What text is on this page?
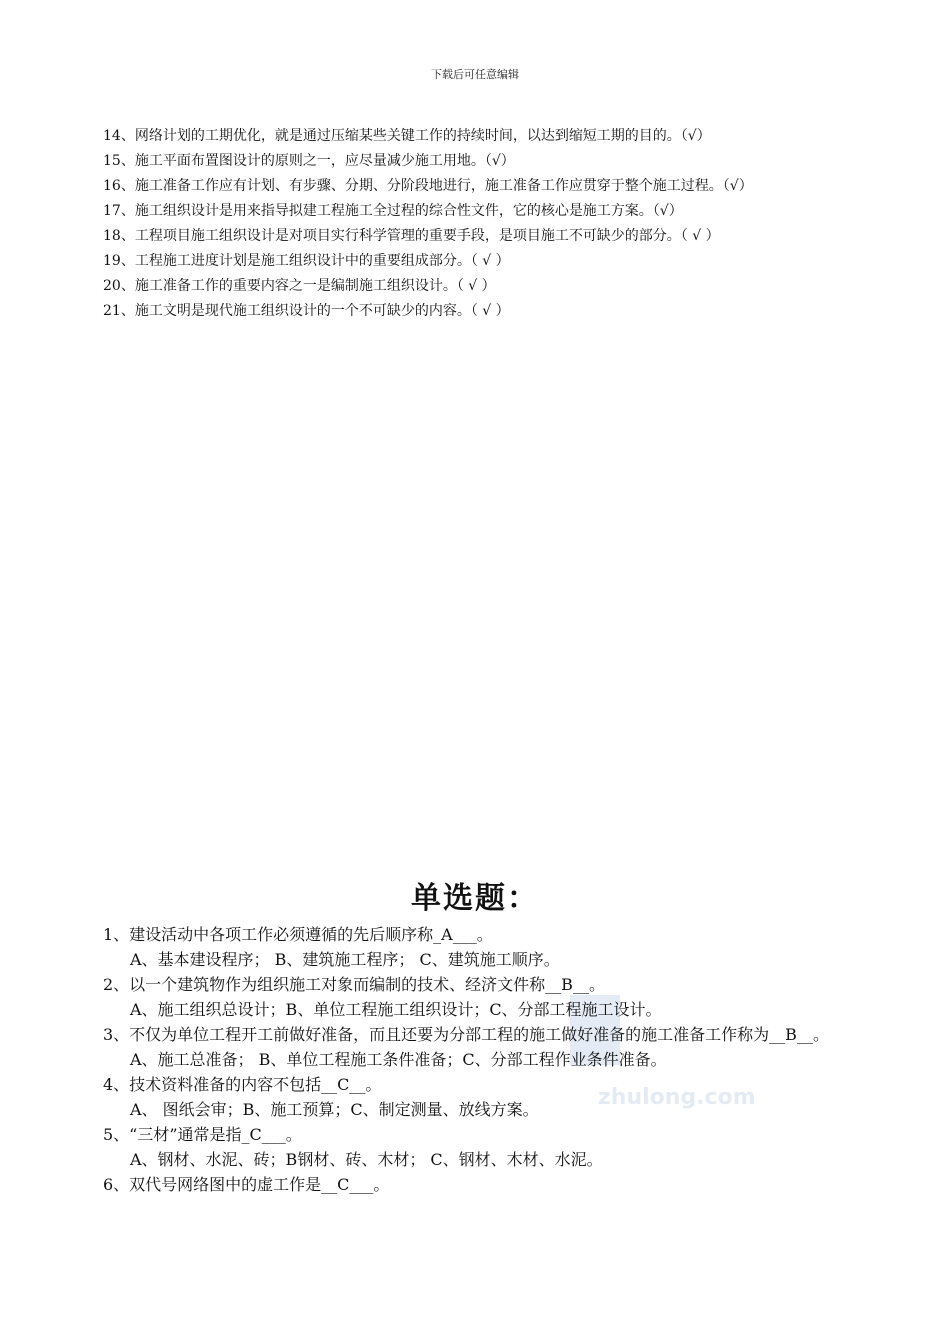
下载后可任意编辑

14、网络计划的工期优化，就是通过压缩某些关键工作的持续时间，以达到缩短工期的目的。（√）

15、施工平面布置图设计的原则之一，应尽量减少施工用地。（√）

16、施工准备工作应有计划、有步骤、分期、分阶段地进行，施工准备工作应贯穿于整个施工过程。（√）

17、施工组织设计是用来指导拟建工程施工全过程的综合性文件，它的核心是施工方案。（√）

18、工程项目施工组织设计是对项目实行科学管理的重要手段，是项目施工不可缺少的部分。（ √ ）

19、工程施工进度计划是施工组织设计中的重要组成部分。（ √ ）

20、施工准备工作的重要内容之一是编制施工组织设计。（ √ ）

21、施工文明是现代施工组织设计的一个不可缺少的内容。（ √ ）

zhulong.com
单选题：

1、建设活动中各项工作必须遵循的先后顺序称_A___。

A、基本建设程序； B、建筑施工程序； C、建筑施工顺序。

2、以一个建筑物作为组织施工对象而编制的技术、经济文件称__B__。

A、施工组织总设计；B、单位工程施工组织设计；C、分部工程施工设计。

3、不仅为单位工程开工前做好准备，而且还要为分部工程的施工做好准备的施工准备工作称为__B__。

A、施工总准备； B、单位工程施工条件准备；C、分部工程作业条件准备。

4、技术资料准备的内容不包括__C__。

A、 图纸会审；B、施工预算；C、制定测量、放线方案。

5、“三材”通常是指_C___。

A、钢材、水泥、砖；B钢材、砖、木材； C、钢材、木材、水泥。

6、双代号网络图中的虚工作是__C___。
